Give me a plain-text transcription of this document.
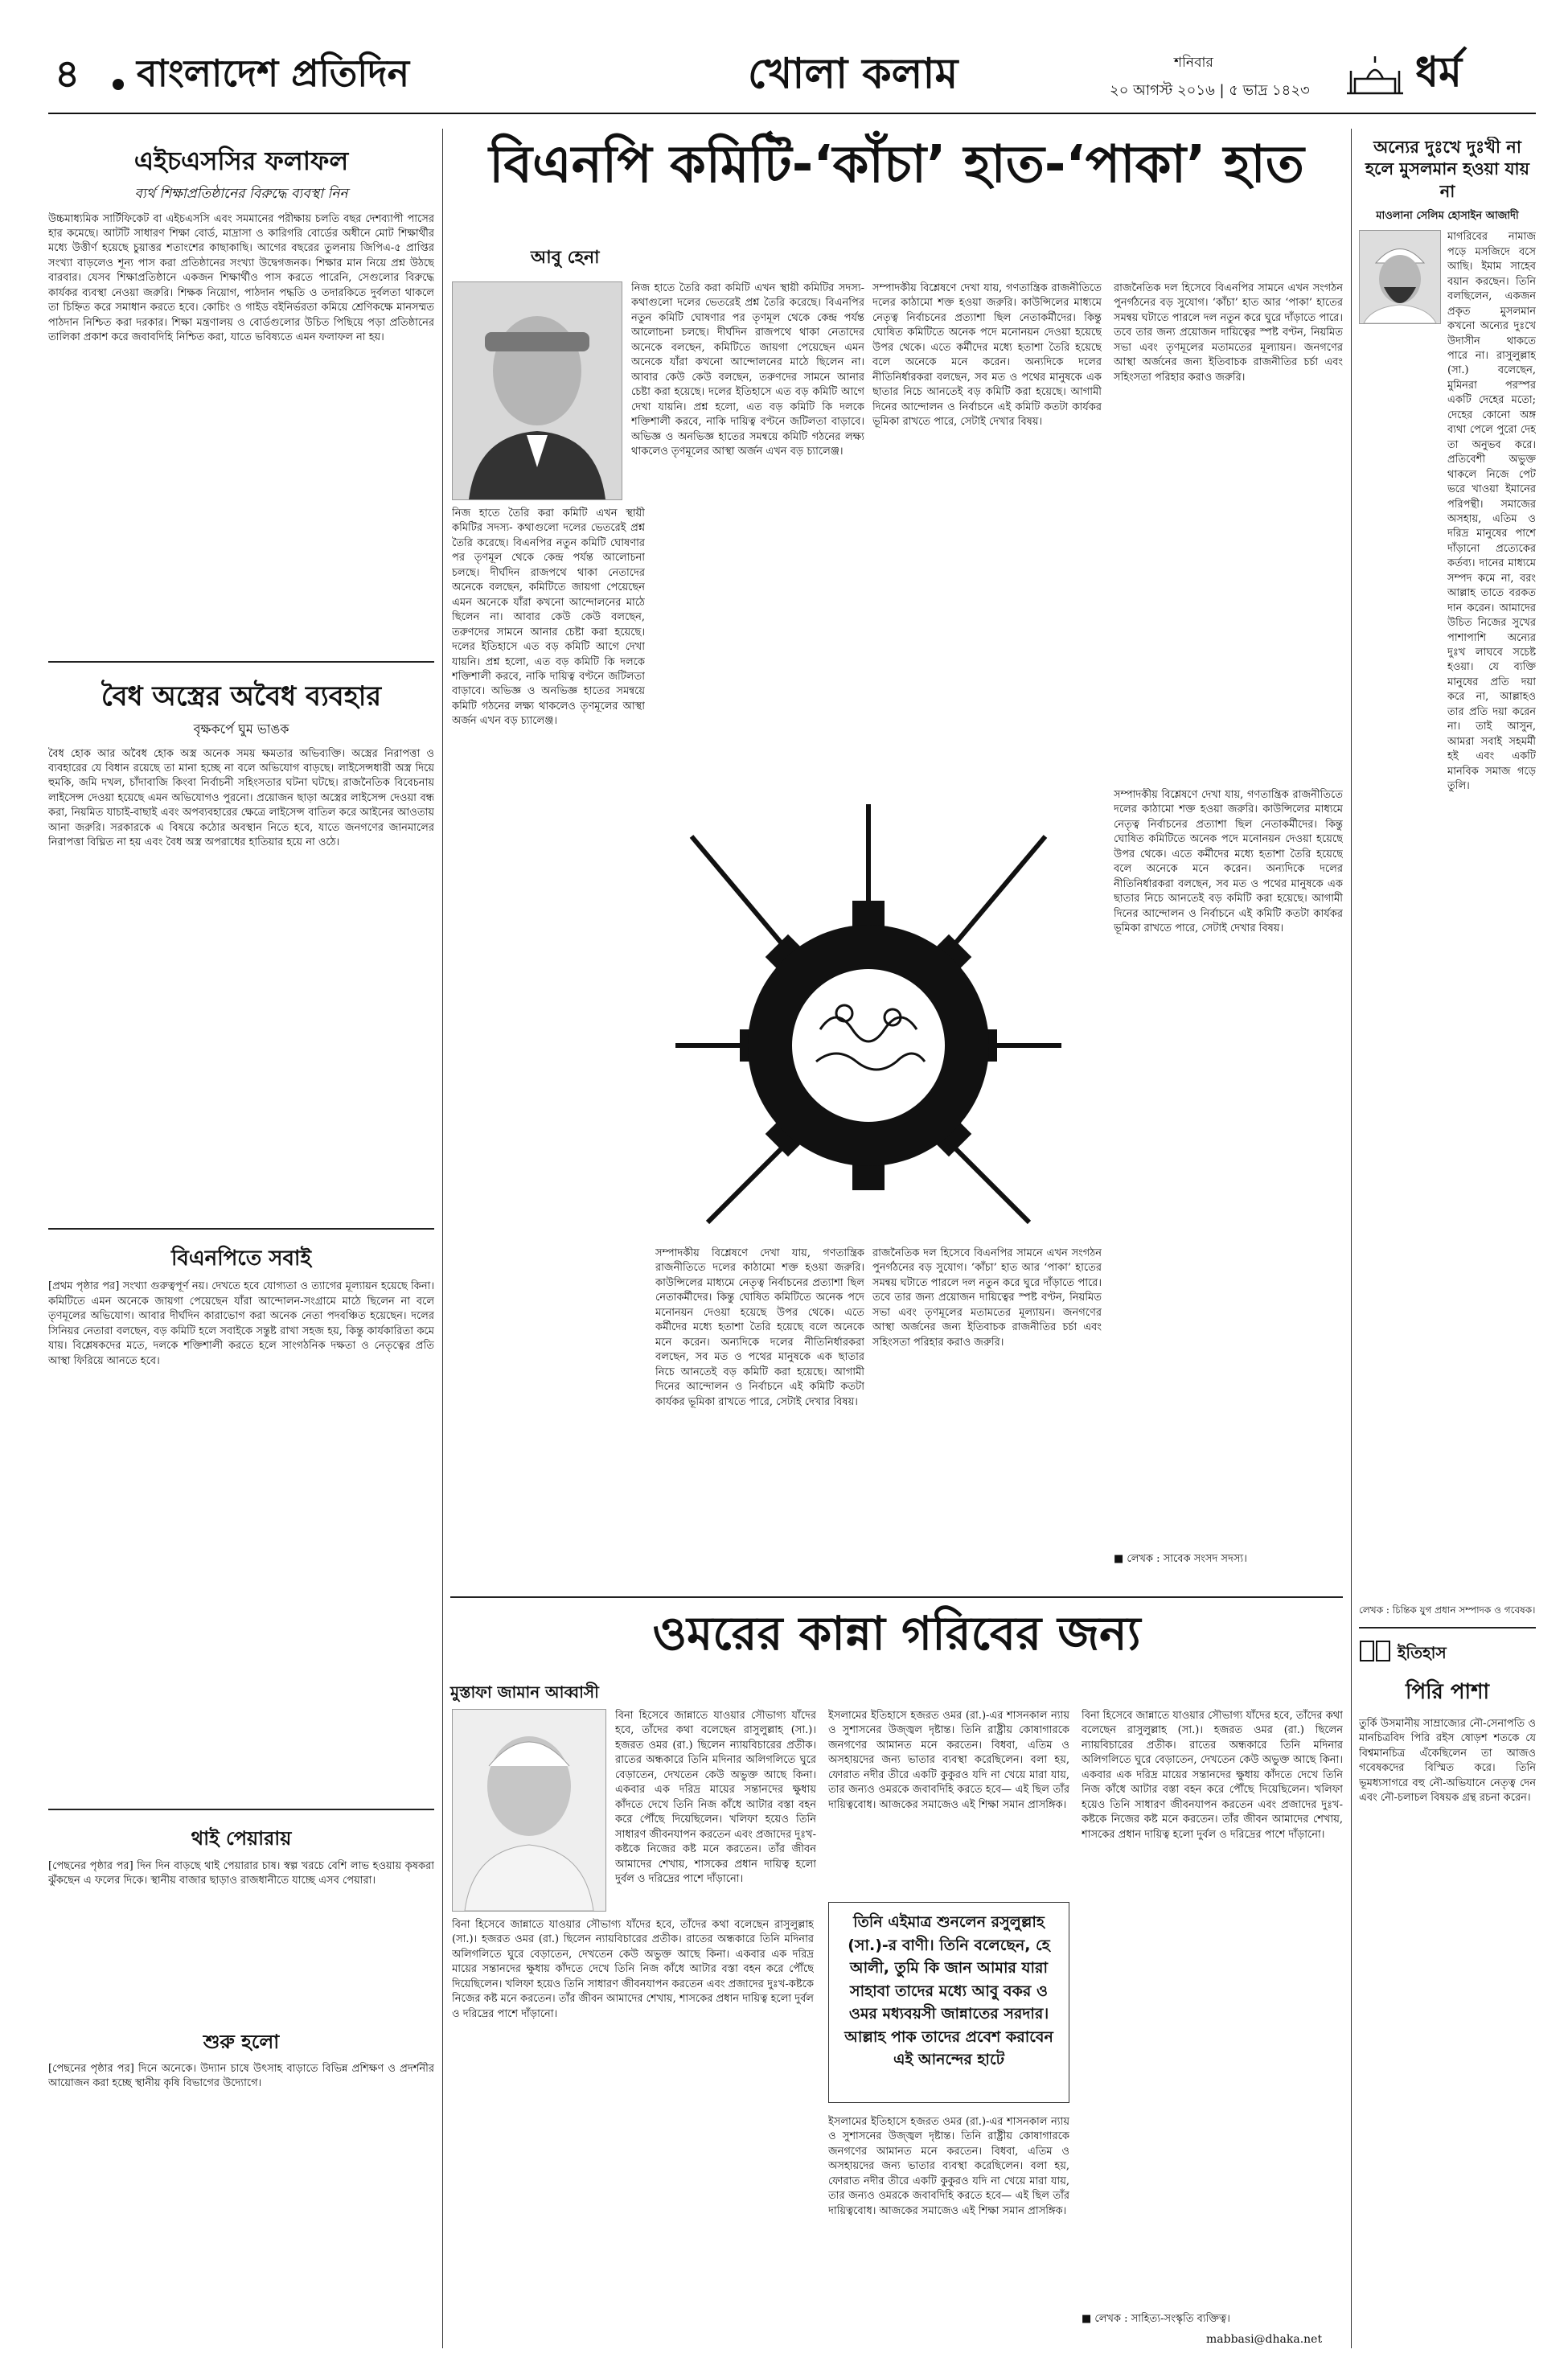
৪ বাংলাদেশ প্রতিদিন	খোলা কলাম	শনিবার
২০ আগস্ট ২০১৬ | ৫ ভাদ্র ১৪২৩	ধর্ম
এইচএসসির ফলাফল
ব্যর্থ শিক্ষাপ্রতিষ্ঠানের বিরুদ্ধে ব্যবস্থা নিন
উচ্চমাধ্যমিক সার্টিফিকেট বা এইচএসসি এবং সমমানের পরীক্ষায় চলতি বছর দেশব্যাপী পাসের হার কমেছে। আটটি সাধারণ শিক্ষা বোর্ড, মাদ্রাসা ও কারিগরি বোর্ডের অধীনে মোট শিক্ষার্থীর মধ্যে উত্তীর্ণ হয়েছে চুয়াত্তর শতাংশের কাছাকাছি। আগের বছরের তুলনায় জিপিএ-৫ প্রাপ্তির সংখ্যা বাড়লেও শূন্য পাস করা প্রতিষ্ঠানের সংখ্যা উদ্বেগজনক। শিক্ষার মান নিয়ে প্রশ্ন উঠছে বারবার। যেসব শিক্ষাপ্রতিষ্ঠানে একজন শিক্ষার্থীও পাস করতে পারেনি, সেগুলোর বিরুদ্ধে কার্যকর ব্যবস্থা নেওয়া জরুরি। শিক্ষক নিয়োগ, পাঠদান পদ্ধতি ও তদারকিতে দুর্বলতা থাকলে তা চিহ্নিত করে সমাধান করতে হবে। কোচিং ও গাইড বইনির্ভরতা কমিয়ে শ্রেণিকক্ষে মানসম্মত পাঠদান নিশ্চিত করা দরকার। শিক্ষা মন্ত্রণালয় ও বোর্ডগুলোর উচিত পিছিয়ে পড়া প্রতিষ্ঠানের তালিকা প্রকাশ করে জবাবদিহি নিশ্চিত করা, যাতে ভবিষ্যতে এমন ফলাফল না হয়।
বৈধ অস্ত্রের অবৈধ ব্যবহার
বৃক্ষকর্পে ঘুম ভাঙক
বৈধ হোক আর অবৈধ হোক অস্ত্র অনেক সময় ক্ষমতার অভিব্যক্তি। অস্ত্রের নিরাপত্তা ও ব্যবহারের যে বিধান রয়েছে তা মানা হচ্ছে না বলে অভিযোগ বাড়ছে। লাইসেন্সধারী অস্ত্র দিয়ে হুমকি, জমি দখল, চাঁদাবাজি কিংবা নির্বাচনী সহিংসতার ঘটনা ঘটছে। রাজনৈতিক বিবেচনায় লাইসেন্স দেওয়া হয়েছে এমন অভিযোগও পুরনো। প্রয়োজন ছাড়া অস্ত্রের লাইসেন্স দেওয়া বন্ধ করা, নিয়মিত যাচাই-বাছাই এবং অপব্যবহারের ক্ষেত্রে লাইসেন্স বাতিল করে আইনের আওতায় আনা জরুরি। সরকারকে এ বিষয়ে কঠোর অবস্থান নিতে হবে, যাতে জনগণের জানমালের নিরাপত্তা বিঘ্নিত না হয় এবং বৈধ অস্ত্র অপরাধের হাতিয়ার হয়ে না ওঠে।
বিএনপিতে সবাই
[প্রথম পৃষ্ঠার পর] সংখ্যা গুরুত্বপূর্ণ নয়। দেখতে হবে যোগ্যতা ও ত্যাগের মূল্যায়ন হয়েছে কিনা। কমিটিতে এমন অনেকে জায়গা পেয়েছেন যাঁরা আন্দোলন-সংগ্রামে মাঠে ছিলেন না বলে তৃণমূলের অভিযোগ। আবার দীর্ঘদিন কারাভোগ করা অনেক নেতা পদবঞ্চিত হয়েছেন। দলের সিনিয়র নেতারা বলছেন, বড় কমিটি হলে সবাইকে সন্তুষ্ট রাখা সহজ হয়, কিন্তু কার্যকারিতা কমে যায়। বিশ্লেষকদের মতে, দলকে শক্তিশালী করতে হলে সাংগঠনিক দক্ষতা ও নেতৃত্বের প্রতি আস্থা ফিরিয়ে আনতে হবে।
থাই পেয়ারায়
[পেছনের পৃষ্ঠার পর] দিন দিন বাড়ছে থাই পেয়ারার চাষ। স্বল্প খরচে বেশি লাভ হওয়ায় কৃষকরা ঝুঁকছেন এ ফলের দিকে। স্থানীয় বাজার ছাড়াও রাজধানীতে যাচ্ছে এসব পেয়ারা।
শুরু হলো
[পেছনের পৃষ্ঠার পর] দিনে অনেকে। উদ্যান চাষে উৎসাহ বাড়াতে বিভিন্ন প্রশিক্ষণ ও প্রদর্শনীর আয়োজন করা হচ্ছে স্থানীয় কৃষি বিভাগের উদ্যোগে।
বিএনপি কমিটি-‘কাঁচা’ হাত-‘পাকা’ হাত
আবু হেনা
নিজ হাতে তৈরি করা কমিটি এখন স্থায়ী কমিটির সদস্য- কথাগুলো দলের ভেতরেই প্রশ্ন তৈরি করেছে। বিএনপির নতুন কমিটি ঘোষণার পর তৃণমূল থেকে কেন্দ্র পর্যন্ত আলোচনা চলছে। দীর্ঘদিন রাজপথে থাকা নেতাদের অনেকে বলছেন, কমিটিতে জায়গা পেয়েছেন এমন অনেকে যাঁরা কখনো আন্দোলনের মাঠে ছিলেন না। আবার কেউ কেউ বলছেন, তরুণদের সামনে আনার চেষ্টা করা হয়েছে। দলের ইতিহাসে এত বড় কমিটি আগে দেখা যায়নি। প্রশ্ন হলো, এত বড় কমিটি কি দলকে শক্তিশালী করবে, নাকি দায়িত্ব বণ্টনে জটিলতা বাড়াবে। অভিজ্ঞ ও অনভিজ্ঞ হাতের সমন্বয়ে কমিটি গঠনের লক্ষ্য থাকলেও তৃণমূলের আস্থা অর্জন এখন বড় চ্যালেঞ্জ।
নিজ হাতে তৈরি করা কমিটি এখন স্থায়ী কমিটির সদস্য- কথাগুলো দলের ভেতরেই প্রশ্ন তৈরি করেছে। বিএনপির নতুন কমিটি ঘোষণার পর তৃণমূল থেকে কেন্দ্র পর্যন্ত আলোচনা চলছে। দীর্ঘদিন রাজপথে থাকা নেতাদের অনেকে বলছেন, কমিটিতে জায়গা পেয়েছেন এমন অনেকে যাঁরা কখনো আন্দোলনের মাঠে ছিলেন না। আবার কেউ কেউ বলছেন, তরুণদের সামনে আনার চেষ্টা করা হয়েছে। দলের ইতিহাসে এত বড় কমিটি আগে দেখা যায়নি। প্রশ্ন হলো, এত বড় কমিটি কি দলকে শক্তিশালী করবে, নাকি দায়িত্ব বণ্টনে জটিলতা বাড়াবে। অভিজ্ঞ ও অনভিজ্ঞ হাতের সমন্বয়ে কমিটি গঠনের লক্ষ্য থাকলেও তৃণমূলের আস্থা অর্জন এখন বড় চ্যালেঞ্জ।
সম্পাদকীয় বিশ্লেষণে দেখা যায়, গণতান্ত্রিক রাজনীতিতে দলের কাঠামো শক্ত হওয়া জরুরি। কাউন্সিলের মাধ্যমে নেতৃত্ব নির্বাচনের প্রত্যাশা ছিল নেতাকর্মীদের। কিন্তু ঘোষিত কমিটিতে অনেক পদে মনোনয়ন দেওয়া হয়েছে উপর থেকে। এতে কর্মীদের মধ্যে হতাশা তৈরি হয়েছে বলে অনেকে মনে করেন। অন্যদিকে দলের নীতিনির্ধারকরা বলছেন, সব মত ও পথের মানুষকে এক ছাতার নিচে আনতেই বড় কমিটি করা হয়েছে। আগামী দিনের আন্দোলন ও নির্বাচনে এই কমিটি কতটা কার্যকর ভূমিকা রাখতে পারে, সেটাই দেখার বিষয়।
রাজনৈতিক দল হিসেবে বিএনপির সামনে এখন সংগঠন পুনর্গঠনের বড় সুযোগ। ‘কাঁচা’ হাত আর ‘পাকা’ হাতের সমন্বয় ঘটাতে পারলে দল নতুন করে ঘুরে দাঁড়াতে পারে। তবে তার জন্য প্রয়োজন দায়িত্বের স্পষ্ট বণ্টন, নিয়মিত সভা এবং তৃণমূলের মতামতের মূল্যায়ন। জনগণের আস্থা অর্জনের জন্য ইতিবাচক রাজনীতির চর্চা এবং সহিংসতা পরিহার করাও জরুরি।
রাজনৈতিক দল হিসেবে বিএনপির সামনে এখন সংগঠন পুনর্গঠনের বড় সুযোগ। ‘কাঁচা’ হাত আর ‘পাকা’ হাতের সমন্বয় ঘটাতে পারলে দল নতুন করে ঘুরে দাঁড়াতে পারে। তবে তার জন্য প্রয়োজন দায়িত্বের স্পষ্ট বণ্টন, নিয়মিত সভা এবং তৃণমূলের মতামতের মূল্যায়ন। জনগণের আস্থা অর্জনের জন্য ইতিবাচক রাজনীতির চর্চা এবং সহিংসতা পরিহার করাও জরুরি।
সম্পাদকীয় বিশ্লেষণে দেখা যায়, গণতান্ত্রিক রাজনীতিতে দলের কাঠামো শক্ত হওয়া জরুরি। কাউন্সিলের মাধ্যমে নেতৃত্ব নির্বাচনের প্রত্যাশা ছিল নেতাকর্মীদের। কিন্তু ঘোষিত কমিটিতে অনেক পদে মনোনয়ন দেওয়া হয়েছে উপর থেকে। এতে কর্মীদের মধ্যে হতাশা তৈরি হয়েছে বলে অনেকে মনে করেন। অন্যদিকে দলের নীতিনির্ধারকরা বলছেন, সব মত ও পথের মানুষকে এক ছাতার নিচে আনতেই বড় কমিটি করা হয়েছে। আগামী দিনের আন্দোলন ও নির্বাচনে এই কমিটি কতটা কার্যকর ভূমিকা রাখতে পারে, সেটাই দেখার বিষয়।
সম্পাদকীয় বিশ্লেষণে দেখা যায়, গণতান্ত্রিক রাজনীতিতে দলের কাঠামো শক্ত হওয়া জরুরি। কাউন্সিলের মাধ্যমে নেতৃত্ব নির্বাচনের প্রত্যাশা ছিল নেতাকর্মীদের। কিন্তু ঘোষিত কমিটিতে অনেক পদে মনোনয়ন দেওয়া হয়েছে উপর থেকে। এতে কর্মীদের মধ্যে হতাশা তৈরি হয়েছে বলে অনেকে মনে করেন। অন্যদিকে দলের নীতিনির্ধারকরা বলছেন, সব মত ও পথের মানুষকে এক ছাতার নিচে আনতেই বড় কমিটি করা হয়েছে। আগামী দিনের আন্দোলন ও নির্বাচনে এই কমিটি কতটা কার্যকর ভূমিকা রাখতে পারে, সেটাই দেখার বিষয়।
■ লেখক : সাবেক সংসদ সদস্য।
ওমরের কান্না গরিবের জন্য
মুস্তাফা জামান আব্বাসী
বিনা হিসেবে জান্নাতে যাওয়ার সৌভাগ্য যাঁদের হবে, তাঁদের কথা বলেছেন রাসুলুল্লাহ (সা.)। হজরত ওমর (রা.) ছিলেন ন্যায়বিচারের প্রতীক। রাতের অন্ধকারে তিনি মদিনার অলিগলিতে ঘুরে বেড়াতেন, দেখতেন কেউ অভুক্ত আছে কিনা। একবার এক দরিদ্র মায়ের সন্তানদের ক্ষুধায় কাঁদতে দেখে তিনি নিজ কাঁধে আটার বস্তা বহন করে পৌঁছে দিয়েছিলেন। খলিফা হয়েও তিনি সাধারণ জীবনযাপন করতেন এবং প্রজাদের দুঃখ-কষ্টকে নিজের কষ্ট মনে করতেন। তাঁর জীবন আমাদের শেখায়, শাসকের প্রধান দায়িত্ব হলো দুর্বল ও দরিদ্রের পাশে দাঁড়ানো।
বিনা হিসেবে জান্নাতে যাওয়ার সৌভাগ্য যাঁদের হবে, তাঁদের কথা বলেছেন রাসুলুল্লাহ (সা.)। হজরত ওমর (রা.) ছিলেন ন্যায়বিচারের প্রতীক। রাতের অন্ধকারে তিনি মদিনার অলিগলিতে ঘুরে বেড়াতেন, দেখতেন কেউ অভুক্ত আছে কিনা। একবার এক দরিদ্র মায়ের সন্তানদের ক্ষুধায় কাঁদতে দেখে তিনি নিজ কাঁধে আটার বস্তা বহন করে পৌঁছে দিয়েছিলেন। খলিফা হয়েও তিনি সাধারণ জীবনযাপন করতেন এবং প্রজাদের দুঃখ-কষ্টকে নিজের কষ্ট মনে করতেন। তাঁর জীবন আমাদের শেখায়, শাসকের প্রধান দায়িত্ব হলো দুর্বল ও দরিদ্রের পাশে দাঁড়ানো।
ইসলামের ইতিহাসে হজরত ওমর (রা.)-এর শাসনকাল ন্যায় ও সুশাসনের উজ্জ্বল দৃষ্টান্ত। তিনি রাষ্ট্রীয় কোষাগারকে জনগণের আমানত মনে করতেন। বিধবা, এতিম ও অসহায়দের জন্য ভাতার ব্যবস্থা করেছিলেন। বলা হয়, ফোরাত নদীর তীরে একটি কুকুরও যদি না খেয়ে মারা যায়, তার জন্যও ওমরকে জবাবদিহি করতে হবে— এই ছিল তাঁর দায়িত্ববোধ। আজকের সমাজেও এই শিক্ষা সমান প্রাসঙ্গিক।
তিনি এইমাত্র শুনলেন রসুলুল্লাহ (সা.)-র বাণী। তিনি বলেছেন, হে আলী, তুমি কি জান আমার যারা সাহাবা তাদের মধ্যে আবু বকর ও ওমর মধ্যবয়সী জান্নাতের সরদার। আল্লাহ পাক তাদের প্রবেশ করাবেন এই আনন্দের হাটে
ইসলামের ইতিহাসে হজরত ওমর (রা.)-এর শাসনকাল ন্যায় ও সুশাসনের উজ্জ্বল দৃষ্টান্ত। তিনি রাষ্ট্রীয় কোষাগারকে জনগণের আমানত মনে করতেন। বিধবা, এতিম ও অসহায়দের জন্য ভাতার ব্যবস্থা করেছিলেন। বলা হয়, ফোরাত নদীর তীরে একটি কুকুরও যদি না খেয়ে মারা যায়, তার জন্যও ওমরকে জবাবদিহি করতে হবে— এই ছিল তাঁর দায়িত্ববোধ। আজকের সমাজেও এই শিক্ষা সমান প্রাসঙ্গিক।
বিনা হিসেবে জান্নাতে যাওয়ার সৌভাগ্য যাঁদের হবে, তাঁদের কথা বলেছেন রাসুলুল্লাহ (সা.)। হজরত ওমর (রা.) ছিলেন ন্যায়বিচারের প্রতীক। রাতের অন্ধকারে তিনি মদিনার অলিগলিতে ঘুরে বেড়াতেন, দেখতেন কেউ অভুক্ত আছে কিনা। একবার এক দরিদ্র মায়ের সন্তানদের ক্ষুধায় কাঁদতে দেখে তিনি নিজ কাঁধে আটার বস্তা বহন করে পৌঁছে দিয়েছিলেন। খলিফা হয়েও তিনি সাধারণ জীবনযাপন করতেন এবং প্রজাদের দুঃখ-কষ্টকে নিজের কষ্ট মনে করতেন। তাঁর জীবন আমাদের শেখায়, শাসকের প্রধান দায়িত্ব হলো দুর্বল ও দরিদ্রের পাশে দাঁড়ানো।
■ লেখক : সাহিত্য-সংস্কৃতি ব্যক্তিত্ব।
mabbasi@dhaka.net
অন্যের দুঃখে দুঃখী না হলে মুসলমান হওয়া যায় না
মাওলানা সেলিম হোসাইন আজাদী
মাগরিবের নামাজ পড়ে মসজিদে বসে আছি। ইমাম সাহেব বয়ান করছেন। তিনি বলছিলেন, একজন প্রকৃত মুসলমান কখনো অন্যের দুঃখে উদাসীন থাকতে পারে না। রাসুলুল্লাহ (সা.) বলেছেন, মুমিনরা পরস্পর একটি দেহের মতো; দেহের কোনো অঙ্গ ব্যথা পেলে পুরো দেহ তা অনুভব করে। প্রতিবেশী অভুক্ত থাকলে নিজে পেট ভরে খাওয়া ইমানের পরিপন্থী। সমাজের অসহায়, এতিম ও দরিদ্র মানুষের পাশে দাঁড়ানো প্রত্যেকের কর্তব্য। দানের মাধ্যমে সম্পদ কমে না, বরং আল্লাহ তাতে বরকত দান করেন। আমাদের উচিত নিজের সুখের পাশাপাশি অন্যের দুঃখ লাঘবে সচেষ্ট হওয়া। যে ব্যক্তি মানুষের প্রতি দয়া করে না, আল্লাহও তার প্রতি দয়া করেন না। তাই আসুন, আমরা সবাই সহমর্মী হই এবং একটি মানবিক সমাজ গড়ে তুলি।
লেখক : চিন্তিক যুগ প্রধান সম্পাদক ও গবেষক।
ইতিহাস
পিরি পাশা
তুর্কি উসমানীয় সাম্রাজ্যের নৌ-সেনাপতি ও মানচিত্রবিদ পিরি রইস ষোড়শ শতকে যে বিশ্বমানচিত্র এঁকেছিলেন তা আজও গবেষকদের বিস্মিত করে। তিনি ভূমধ্যসাগরে বহু নৌ-অভিযানে নেতৃত্ব দেন এবং নৌ-চলাচল বিষয়ক গ্রন্থ রচনা করেন।
